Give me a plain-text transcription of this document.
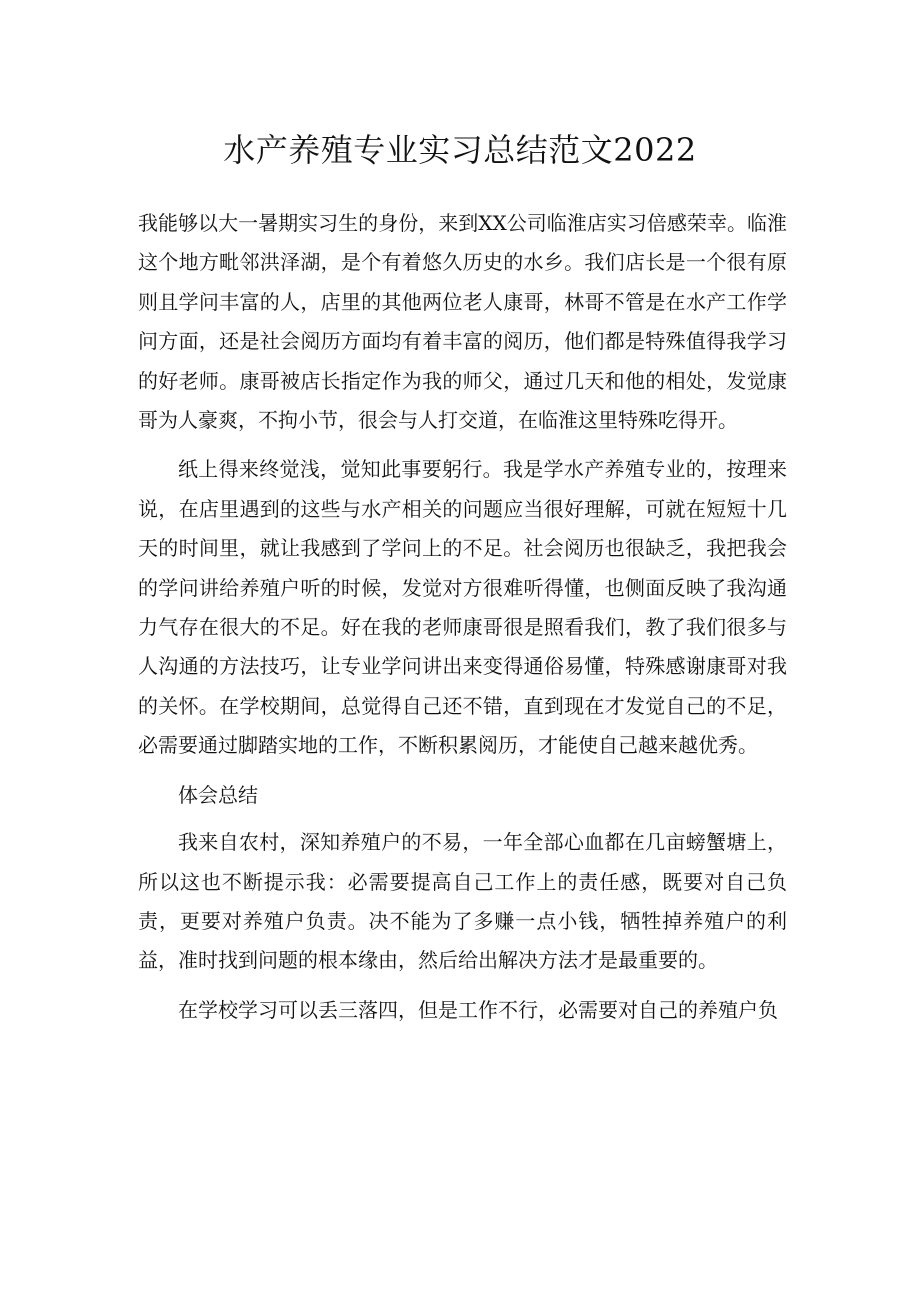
水产养殖专业实习总结范文2022

我能够以大一暑期实习生的身份，来到XX公司临淮店实习倍感荣幸。临淮这个地方毗邻洪泽湖，是个有着悠久历史的水乡。我们店长是一个很有原则且学问丰富的人，店里的其他两位老人康哥，林哥不管是在水产工作学问方面，还是社会阅历方面均有着丰富的阅历，他们都是特殊值得我学习的好老师。康哥被店长指定作为我的师父，通过几天和他的相处，发觉康哥为人豪爽，不拘小节，很会与人打交道，在临淮这里特殊吃得开。

纸上得来终觉浅，觉知此事要躬行。我是学水产养殖专业的，按理来说，在店里遇到的这些与水产相关的问题应当很好理解，可就在短短十几天的时间里，就让我感到了学问上的不足。社会阅历也很缺乏，我把我会的学问讲给养殖户听的时候，发觉对方很难听得懂，也侧面反映了我沟通力气存在很大的不足。好在我的老师康哥很是照看我们，教了我们很多与人沟通的方法技巧，让专业学问讲出来变得通俗易懂，特殊感谢康哥对我的关怀。在学校期间，总觉得自己还不错，直到现在才发觉自己的不足，必需要通过脚踏实地的工作，不断积累阅历，才能使自己越来越优秀。

体会总结

我来自农村，深知养殖户的不易，一年全部心血都在几亩螃蟹塘上，所以这也不断提示我：必需要提高自己工作上的责任感，既要对自己负责，更要对养殖户负责。决不能为了多赚一点小钱，牺牲掉养殖户的利益，准时找到问题的根本缘由，然后给出解决方法才是最重要的。

在学校学习可以丢三落四，但是工作不行，必需要对自己的养殖户负
